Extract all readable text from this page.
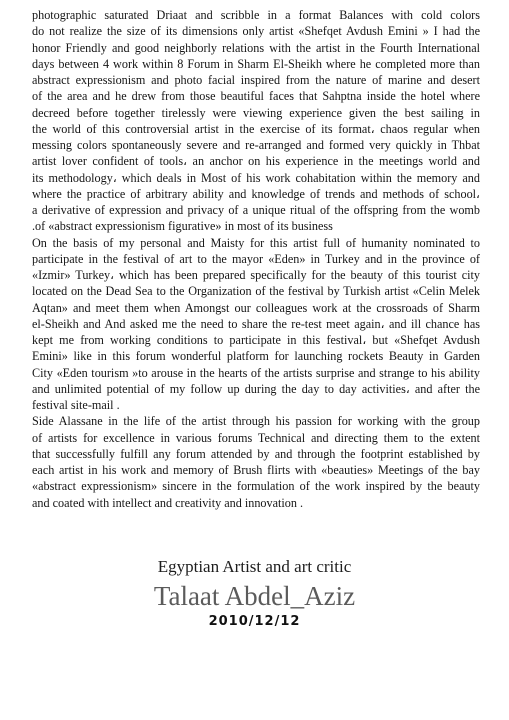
photographic saturated Driaat and scribble in a format Balances with cold colors
do not realize the size of its dimensions only artist «Shefqet Avdush Emini » I had the
honor Friendly and good neighborly relations with the artist in the Fourth International
days between 4 work within 8 Forum in Sharm El-Sheikh where he completed more than
abstract expressionism and photo facial inspired from the nature of marine and desert
of the area and he drew from those beautiful faces that Sahptna inside the hotel where
decreed before together tirelessly were viewing experience given the best sailing in
the world of this controversial artist in the exercise of its format، chaos regular when
messing colors spontaneously severe and re-arranged and formed very quickly in Thbat
artist lover confident of tools، an anchor on his experience in the meetings world and
its methodology، which deals in Most of his work cohabitation within the memory and
where the practice of arbitrary ability and knowledge of trends and methods of school،
a derivative of expression and privacy of a unique ritual of the offspring from the womb
.of «abstract expressionism figurative» in most of its business
On the basis of my personal and Maisty for this artist full of humanity nominated to
participate in the festival of art to the mayor «Eden» in Turkey and in the province of
«Izmir» Turkey، which has been prepared specifically for the beauty of this tourist city
located on the Dead Sea to the Organization of the festival by Turkish artist «Celin Melek
Aqtan» and meet them when Amongst our colleagues work at the crossroads of Sharm
el-Sheikh and And asked me the need to share the re-test meet again، and ill chance has
kept me from working conditions to participate in this festival، but «Shefqet Avdush
Emini» like in this forum wonderful platform for launching rockets Beauty in Garden
City «Eden tourism »to arouse in the hearts of the artists surprise and strange to his ability
and unlimited potential of my follow up during the day to day activities، and after the
festival site-mail .
Side Alassane in the life of the artist through his passion for working with the group
of artists for excellence in various forums Technical and directing them to the extent
that successfully fulfill any forum attended by and through the footprint established by
each artist in his work and memory of Brush flirts with «beauties» Meetings of the bay
«abstract expressionism» sincere in the formulation of the work inspired by the beauty
and coated with intellect and creativity and innovation .
Egyptian Artist and art critic
Talaat Abdel_Aziz
2010/12/12
